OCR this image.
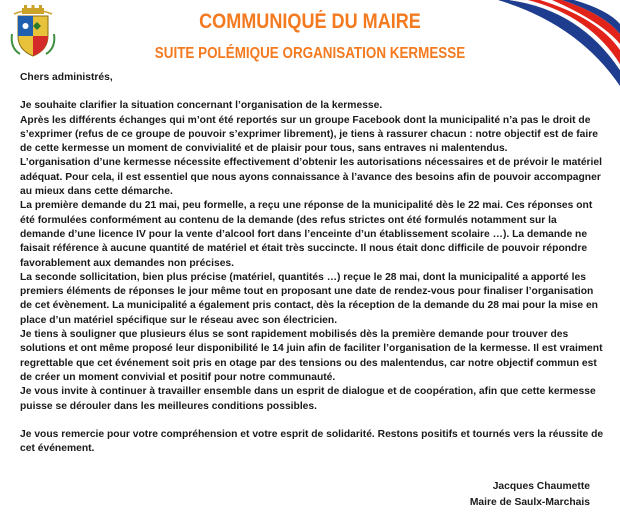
COMMUNIQUÉ DU MAIRE
SUITE POLÉMIQUE ORGANISATION KERMESSE

Chers administrés,

Je souhaite clarifier la situation concernant l’organisation de la kermesse.

Après les différents échanges qui m’ont été reportés sur un groupe Facebook dont la municipalité n’a pas le droit de s’exprimer (refus de ce groupe de pouvoir s’exprimer librement), je tiens à rassurer chacun : notre objectif est de faire de cette kermesse un moment de convivialité et de plaisir pour tous, sans entraves ni malentendus.

L’organisation d’une kermesse nécessite effectivement d’obtenir les autorisations nécessaires et de prévoir le matériel adéquat. Pour cela, il est essentiel que nous ayons connaissance à l’avance des besoins afin de pouvoir accompagner au mieux dans cette démarche.

La première demande du 21 mai, peu formelle, a reçu une réponse de la municipalité dès le 22 mai. Ces réponses ont été formulées conformément au contenu de la demande (des refus strictes ont été formulés notamment sur la demande d’une licence IV pour la vente d’alcool fort dans l’enceinte d’un établissement scolaire …). La demande ne faisait référence à aucune quantité de matériel et était très succincte. Il nous était donc difficile de pouvoir répondre favorablement aux demandes non précises.

La seconde sollicitation, bien plus précise (matériel, quantités …) reçue le 28 mai, dont la municipalité a apporté les premiers éléments de réponses le jour même tout en proposant une date de rendez-vous pour finaliser l’organisation de cet évènement. La municipalité a également pris contact, dès la réception de la demande du 28 mai pour la mise en place d’un matériel spécifique sur le réseau avec son électricien.

Je tiens à souligner que plusieurs élus se sont rapidement mobilisés dès la première demande pour trouver des solutions et ont même proposé leur disponibilité le 14 juin afin de faciliter l’organisation de la kermesse. Il est vraiment regrettable que cet événement soit pris en otage par des tensions ou des malentendus, car notre objectif commun est de créer un moment convivial et positif pour notre communauté.

Je vous invite à continuer à travailler ensemble dans un esprit de dialogue et de coopération, afin que cette kermesse puisse se dérouler dans les meilleures conditions possibles.

Je vous remercie pour votre compréhension et votre esprit de solidarité. Restons positifs et tournés vers la réussite de cet événement.

Jacques Chaumette
Maire de Saulx-Marchais
